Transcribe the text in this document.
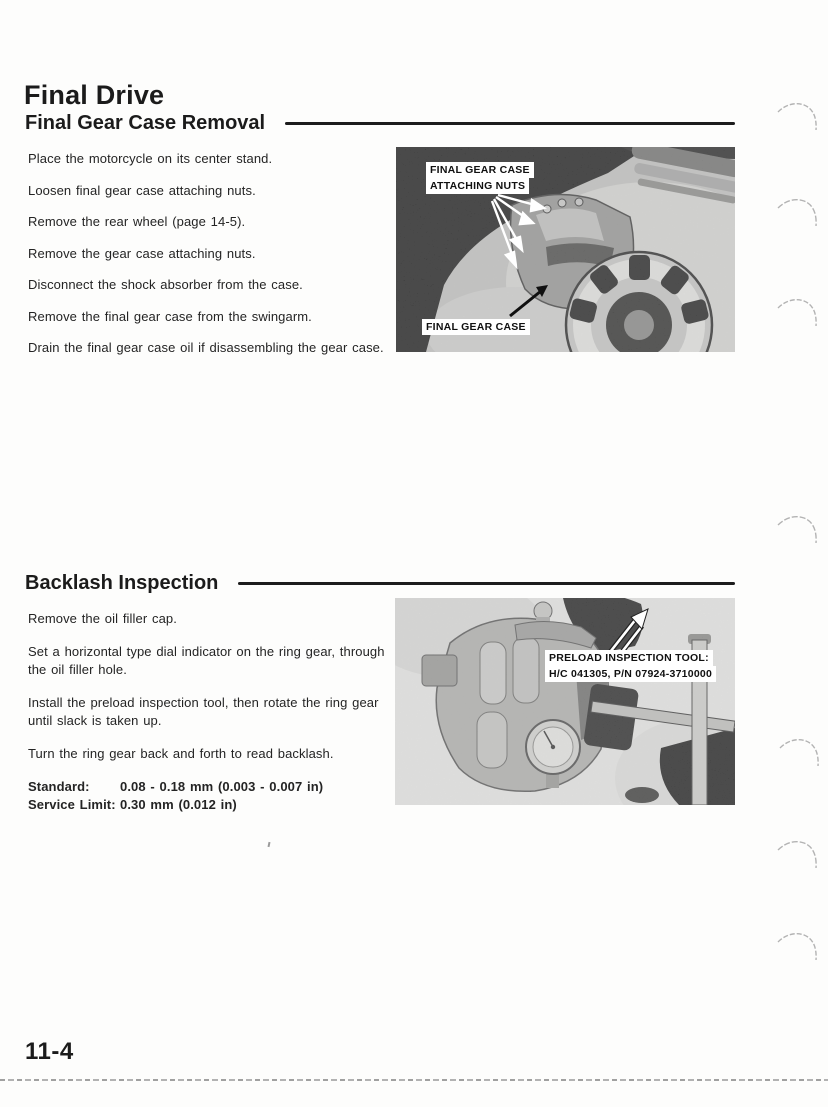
Final Drive
Final Gear Case Removal

Place the motorcycle on its center stand.

Loosen final gear case attaching nuts.

Remove the rear wheel (page 14-5).

Remove the gear case attaching nuts.

Disconnect the shock absorber from the case.

Remove the final gear case from the swingarm.

Drain the final gear case oil if disassembling the gear case.

FINAL GEAR CASE
ATTACHING NUTS
FINAL GEAR CASE
Backlash Inspection

Remove the oil filler cap.

Set a horizontal type dial indicator on the ring gear, through the oil filler hole.

Install the preload inspection tool, then rotate the ring gear until slack is taken up.

Turn the ring gear back and forth to read backlash.

Standard:	0.08 - 0.18 mm (0.003 - 0.007 in)
Service Limit: 0.30 mm (0.012 in)
PRELOAD INSPECTION TOOL:
H/C 041305, P/N 07924-3710000
11-4
